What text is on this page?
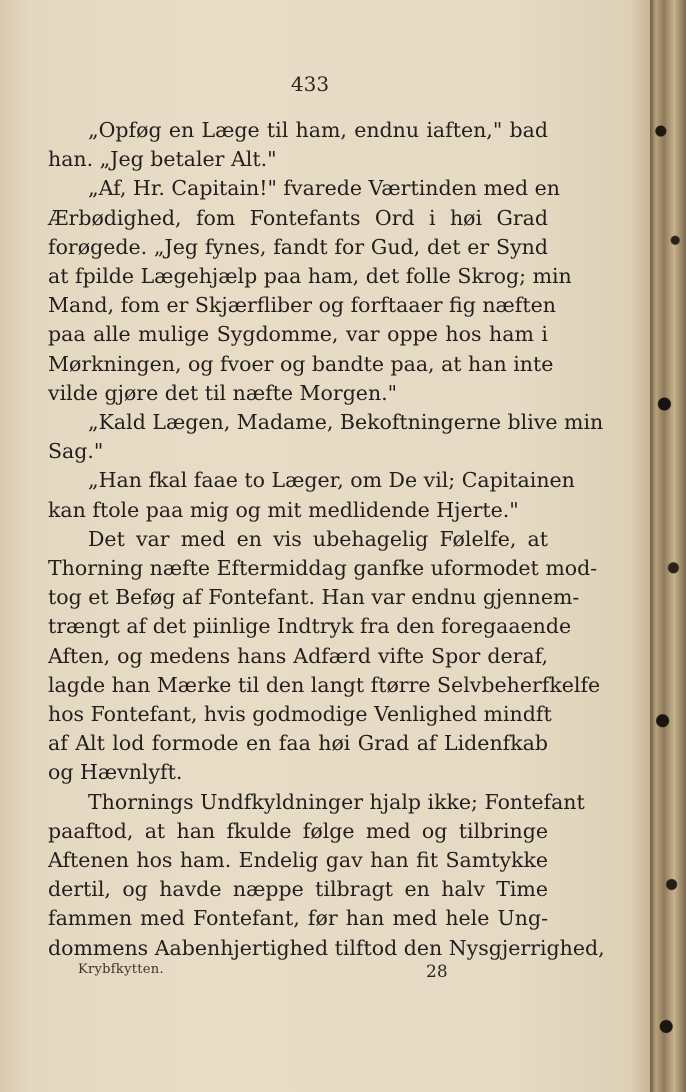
433
„Opføg en Læge til ham, endnu iaften," bad
han. „Jeg betaler Alt."
„Af, Hr. Capitain!" fvarede Værtinden med en
Ærbødighed, fom Fontefants Ord i høi Grad
forøgede. „Jeg fynes, fandt for Gud, det er Synd
at fpilde Lægehjælp paa ham, det folle Skrog; min
Mand, fom er Skjærfliber og forftaaer fig næften
paa alle mulige Sygdomme, var oppe hos ham i
Mørkningen, og fvoer og bandte paa, at han inte
vilde gjøre det til næfte Morgen."
„Kald Lægen, Madame, Bekoftningerne blive min
Sag."
„Han fkal faae to Læger, om De vil; Capitainen
kan ftole paa mig og mit medlidende Hjerte."
Det var med en vis ubehagelig Følelfe, at
Thorning næfte Eftermiddag ganfke uformodet mod-
tog et Beføg af Fontefant. Han var endnu gjennem-
trængt af det piinlige Indtryk fra den foregaaende
Aften, og medens hans Adfærd vifte Spor deraf,
lagde han Mærke til den langt ftørre Selvbeherfkelfe
hos Fontefant, hvis godmodige Venlighed mindft
af Alt lod formode en faa høi Grad af Lidenfkab
og Hævnlyft.
Thornings Undfkyldninger hjalp ikke; Fontefant
paaftod, at han fkulde følge med og tilbringe
Aftenen hos ham. Endelig gav han fit Samtykke
dertil, og havde næppe tilbragt en halv Time
fammen med Fontefant, før han med hele Ung-
dommens Aabenhjertighed tilftod den Nysgjerrighed,
Krybfkytten.	28
